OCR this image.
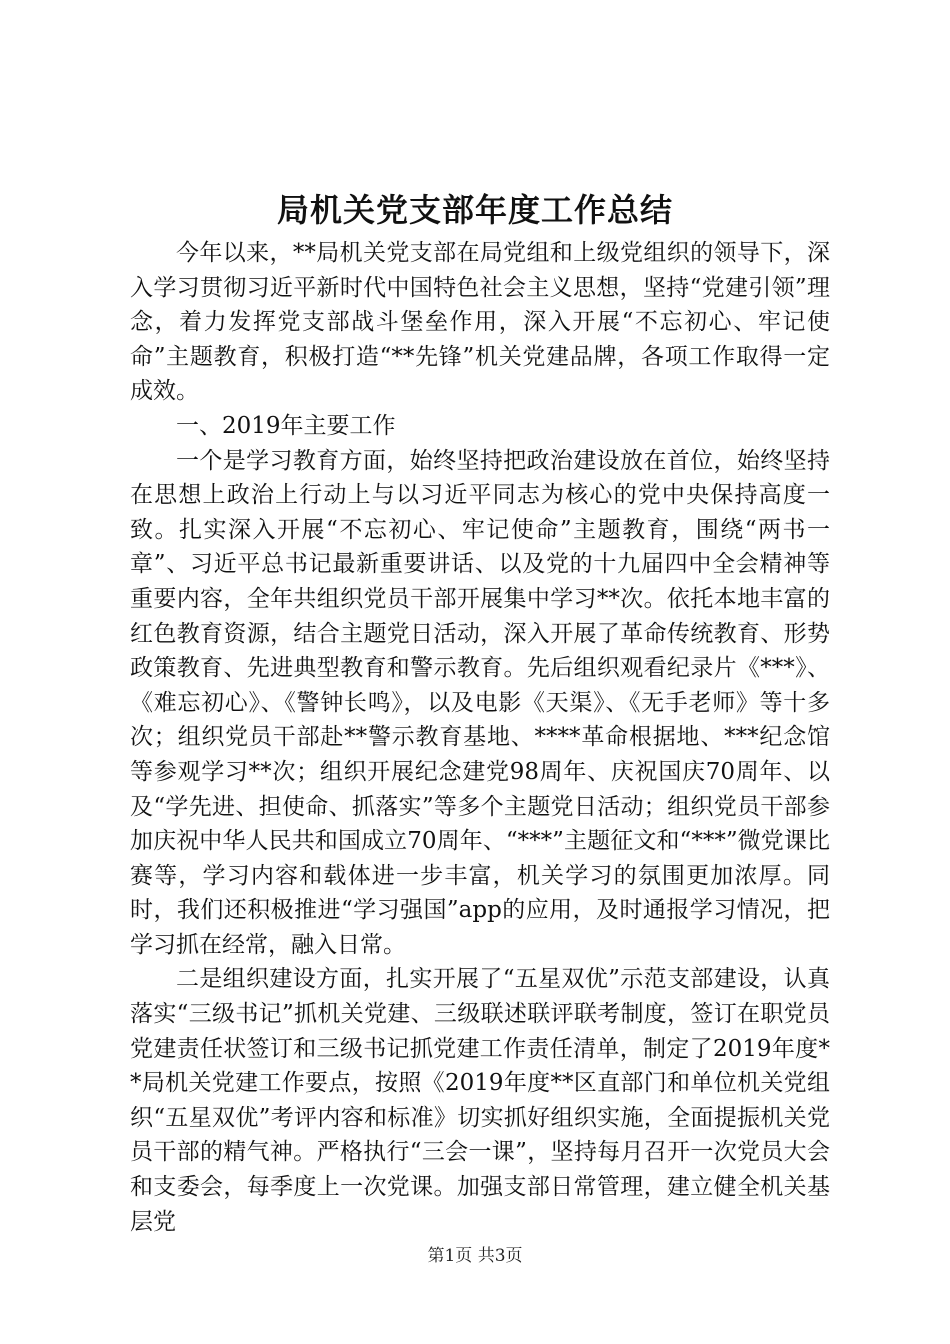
局机关党支部年度工作总结

今年以来，**局机关党支部在局党组和上级党组织的领导下，深入学习贯彻习近平新时代中国特色社会主义思想，坚持“党建引领”理念，着力发挥党支部战斗堡垒作用，深入开展“不忘初心、牢记使命”主题教育，积极打造“**先锋”机关党建品牌，各项工作取得一定成效。

一、2019年主要工作

一个是学习教育方面，始终坚持把政治建设放在首位，始终坚持在思想上政治上行动上与以习近平同志为核心的党中央保持高度一致。扎实深入开展“不忘初心、牢记使命”主题教育，围绕“两书一章”、习近平总书记最新重要讲话、以及党的十九届四中全会精神等重要内容，全年共组织党员干部开展集中学习**次。依托本地丰富的红色教育资源，结合主题党日活动，深入开展了革命传统教育、形势政策教育、先进典型教育和警示教育。先后组织观看纪录片《***》、《难忘初心》、《警钟长鸣》，以及电影《天渠》、《无手老师》等十多次；组织党员干部赴**警示教育基地、****革命根据地、***纪念馆等参观学习**次；组织开展纪念建党98周年、庆祝国庆70周年、以及“学先进、担使命、抓落实”等多个主题党日活动；组织党员干部参加庆祝中华人民共和国成立70周年、“***”主题征文和“***”微党课比赛等，学习内容和载体进一步丰富，机关学习的氛围更加浓厚。同时，我们还积极推进“学习强国”app的应用，及时通报学习情况，把学习抓在经常，融入日常。

二是组织建设方面，扎实开展了“五星双优”示范支部建设，认真落实“三级书记”抓机关党建、三级联述联评联考制度，签订在职党员党建责任状签订和三级书记抓党建工作责任清单，制定了2019年度**局机关党建工作要点，按照《2019年度**区直部门和单位机关党组织“五星双优”考评内容和标准》切实抓好组织实施，全面提振机关党员干部的精气神。严格执行“三会一课”，坚持每月召开一次党员大会和支委会，每季度上一次党课。加强支部日常管理，建立健全机关基层党

第1页 共3页
